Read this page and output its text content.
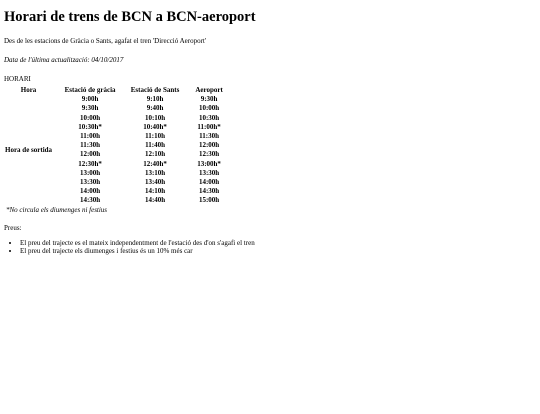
Horari de trens de BCN a BCN-aeroport

Des de les estacions de Gràcia o Sants, agafat el tren 'Direcció Aeroport'

Data de l'última actualització: 04/10/2017

HORARI

Hora	Estació de gràcia	Estació de Sants	Aeroport
Hora de sortida	9:00h	9:10h	9:30h
	9:30h	9:40h	10:00h
	10:00h	10:10h	10:30h
	10:30h*	10:40h*	11:00h*
	11:00h	11:10h	11:30h
	11:30h	11:40h	12:00h
	12:00h	12:10h	12:30h
	12:30h*	12:40h*	13:00h*
	13:00h	13:10h	13:30h
	13:30h	13:40h	14:00h
	14:00h	14:10h	14:30h
	14:30h	14:40h	15:00h

*No circula els diumenges ni festius

Preus:

• El preu del trajecte es el mateix independentment de l'estació des d'on s'agafi el tren
• El preu del trajecte els diumenges i festius és un 10% més car
